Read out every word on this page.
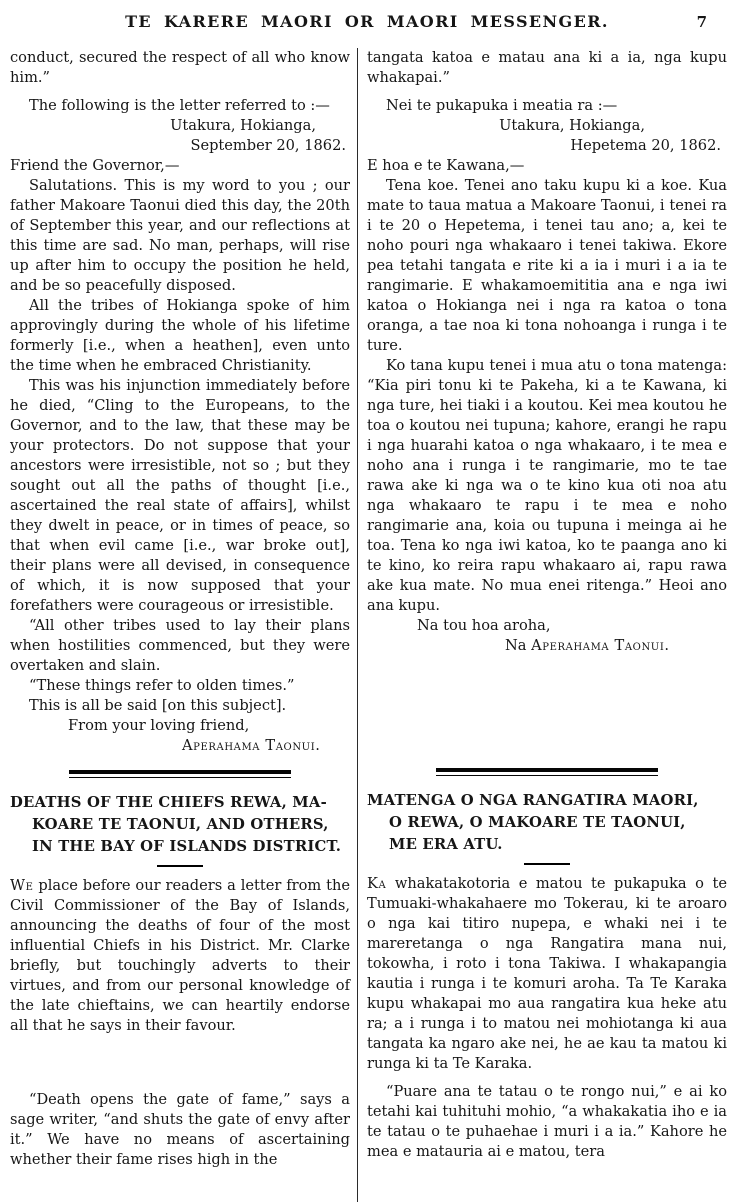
TE KARERE MAORI OR MAORI MESSENGER.	7

conduct, secured the respect of all who know him.”

The following is the letter referred to :—

Utakura, Hokianga,

September 20, 1862.

Friend the Governor,—

Salutations. This is my word to you ; our father Makoare Taonui died this day, the 20th of September this year, and our reflections at this time are sad. No man, perhaps, will rise up after him to occupy the position he held, and be so peacefully disposed.

All the tribes of Hokianga spoke of him approvingly during the whole of his lifetime formerly [i.e., when a heathen], even unto the time when he embraced Christianity.

This was his injunction immediately before he died, “Cling to the Europeans, to the Governor, and to the law, that these may be your protectors. Do not suppose that your ancestors were irresistible, not so ; but they sought out all the paths of thought [i.e., ascertained the real state of affairs], whilst they dwelt in peace, or in times of peace, so that when evil came [i.e., war broke out], their plans were all devised, in consequence of which, it is now supposed that your forefathers were courageous or irresistible.

“All other tribes used to lay their plans when hostilities commenced, but they were overtaken and slain.

“These things refer to olden times.”

This is all be said [on this subject].

From your loving friend,

Aperahama Taonui.

DEATHS OF THE CHIEFS REWA, MA-
KOARE TE TAONUI, AND OTHERS,
IN THE BAY OF ISLANDS DISTRICT.

We place before our readers a letter from the Civil Commissioner of the Bay of Islands, announcing the deaths of four of the most influential Chiefs in his District. Mr. Clarke briefly, but touchingly adverts to their virtues, and from our personal knowledge of the late chieftains, we can heartily endorse all that he says in their favour.

“Death opens the gate of fame,” says a sage writer, “and shuts the gate of envy after it.” We have no means of ascertaining whether their fame rises high in the

tangata katoa e matau ana ki a ia, nga kupu whakapai.”

Nei te pukapuka i meatia ra :—

Utakura, Hokianga,

Hepetema 20, 1862.

E hoa e te Kawana,—

Tena koe. Tenei ano taku kupu ki a koe. Kua mate to taua matua a Makoare Taonui, i tenei ra i te 20 o Hepetema, i tenei tau ano; a, kei te noho pouri nga whakaaro i tenei takiwa. Ekore pea tetahi tangata e rite ki a ia i muri i a ia te rangimarie. E whakamoemititia ana e nga iwi katoa o Hokianga nei i nga ra katoa o tona oranga, a tae noa ki tona nohoanga i runga i te ture.

Ko tana kupu tenei i mua atu o tona matenga: “Kia piri tonu ki te Pakeha, ki a te Kawana, ki nga ture, hei tiaki i a koutou. Kei mea koutou he toa o koutou nei tupuna; kahore, erangi he rapu i nga huarahi katoa o nga whakaaro, i te mea e noho ana i runga i te rangimarie, mo te tae rawa ake ki nga wa o te kino kua oti noa atu nga whakaaro te rapu i te mea e noho rangimarie ana, koia ou tupuna i meinga ai he toa. Tena ko nga iwi katoa, ko te paanga ano ki te kino, ko reira rapu whakaaro ai, rapu rawa ake kua mate. No mua enei ritenga.” Heoi ano ana kupu.

Na tou hoa aroha,

Na Aperahama Taonui.

MATENGA O NGA RANGATIRA MAORI,
O REWA, O MAKOARE TE TAONUI,
ME ERA ATU.

Ka whakatakotoria e matou te pukapuka o te Tumuaki-whakahaere mo Tokerau, ki te aroaro o nga kai titiro nupepa, e whaki nei i te mareretanga o nga Rangatira mana nui, tokowha, i roto i tona Takiwa. I whakapangia kautia i runga i te komuri aroha. Ta Te Karaka kupu whakapai mo aua rangatira kua heke atu ra; a i runga i to matou nei mohiotanga ki aua tangata ka ngaro ake nei, he ae kau ta matou ki runga ki ta Te Karaka.

“Puare ana te tatau o te rongo nui,” e ai ko tetahi kai tuhituhi mohio, “a whakakatia iho e ia te tatau o te puhaehae i muri i a ia.” Kahore he mea e matauria ai e matou, tera
